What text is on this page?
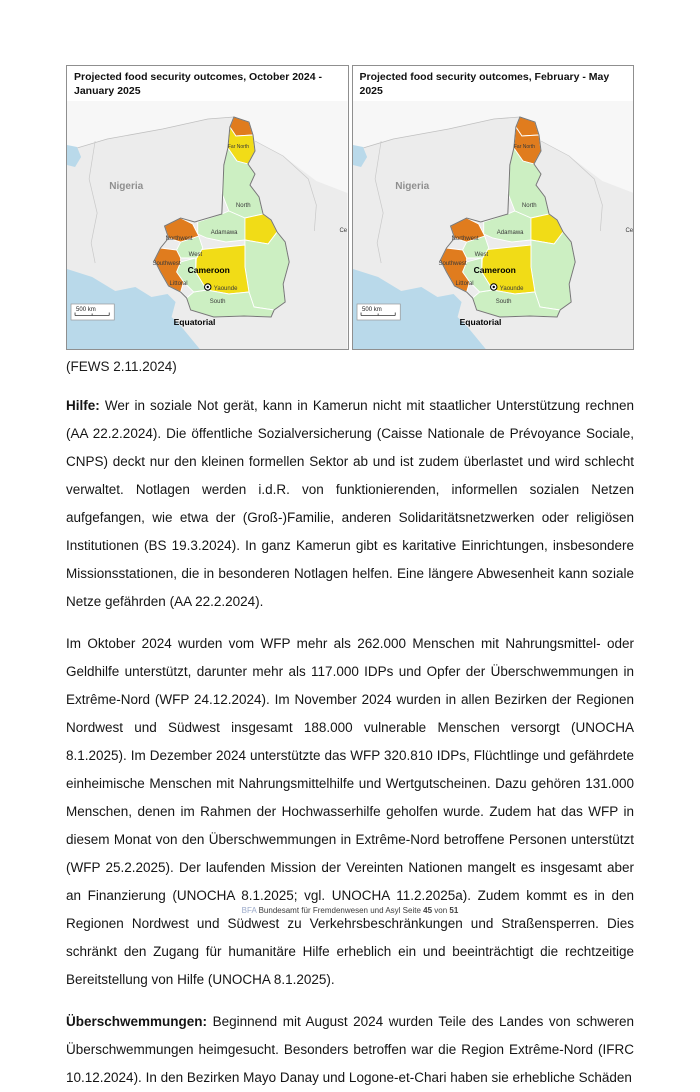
Projected food security outcomes, October 2024 - January 2025
Nigeria
Far North
North
Adamawa
Northwest
West
Southwest
Littoral
Cameroon
Yaounde
South
Equatorial
Ce
500 km
Projected food security outcomes, February - May 2025
Nigeria
Far North
North
Adamawa
Northwest
West
Southwest
Littoral
Cameroon
Yaounde
South
Equatorial
Ce
500 km
(FEWS 2.11.2024)

Hilfe: Wer in soziale Not gerät, kann in Kamerun nicht mit staatlicher Unterstützung rechnen (AA 22.2.2024). Die öffentliche Sozialversicherung (Caisse Nationale de Prévoyance Sociale, CNPS) deckt nur den kleinen formellen Sektor ab und ist zudem überlastet und wird schlecht verwaltet. Notlagen werden i.d.R. von funktionierenden, informellen sozialen Netzen aufgefangen, wie etwa der (Groß-)Familie, anderen Solidaritätsnetzwerken oder religiösen Institutionen (BS 19.3.2024). In ganz Kamerun gibt es karitative Einrichtungen, insbesondere Missionsstationen, die in besonderen Notlagen helfen. Eine längere Abwesenheit kann soziale Netze gefährden (AA 22.2.2024).

Im Oktober 2024 wurden vom WFP mehr als 262.000 Menschen mit Nahrungsmittel- oder Geldhilfe unterstützt, darunter mehr als 117.000 IDPs und Opfer der Überschwemmungen in Extrême-Nord (WFP 24.12.2024). Im November 2024 wurden in allen Bezirken der Regionen Nordwest und Südwest insgesamt 188.000 vulnerable Menschen versorgt (UNOCHA 8.1.2025). Im Dezember 2024 unterstützte das WFP 320.810 IDPs, Flüchtlinge und gefährdete einheimische Menschen mit Nahrungsmittelhilfe und Wertgutscheinen. Dazu gehören 131.000 Menschen, denen im Rahmen der Hochwasserhilfe geholfen wurde. Zudem hat das WFP in diesem Monat von den Überschwemmungen in Extrême-Nord betroffene Personen unterstützt (WFP 25.2.2025). Der laufenden Mission der Vereinten Nationen mangelt es insgesamt aber an Finanzierung (UNOCHA 8.1.2025; vgl. UNOCHA 11.2.2025a). Zudem kommt es in den Regionen Nordwest und Südwest zu Verkehrsbeschränkungen und Straßensperren. Dies schränkt den Zugang für humanitäre Hilfe erheblich ein und beeinträchtigt die rechtzeitige Bereitstellung von Hilfe (UNOCHA 8.1.2025).

Überschwemmungen: Beginnend mit August 2024 wurden Teile des Landes von schweren Überschwemmungen heimgesucht. Besonders betroffen war die Region Extrême-Nord (IFRC 10.12.2024). In den Bezirken Mayo Danay und Logone-et-Chari haben sie erhebliche Schäden

BFA Bundesamt für Fremdenwesen und Asyl Seite 45 von 51
